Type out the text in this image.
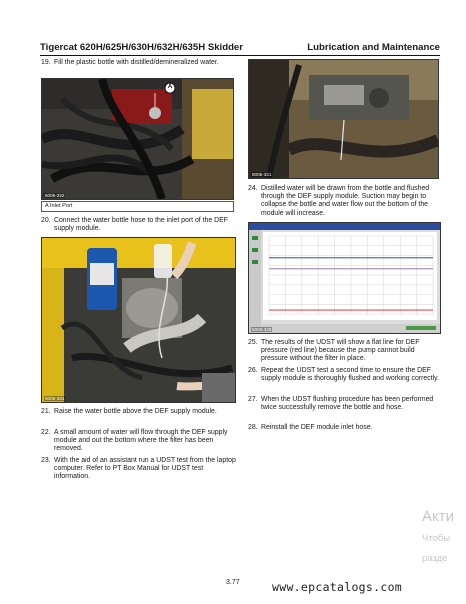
Tigercat 620H/625H/630H/632H/635H Skidder	Lubrication and Maintenance
19. Fill the plastic bottle with distilled/demineralized water.
A
6006-332
A Inlet Port
20. Connect the water bottle hose to the inlet port of the DEF supply module.
6006-334
21. Raise the water bottle above the DEF supply module.
22. A small amount of water will flow through the DEF supply module and out the bottom where the filter has been removed.
23. With the aid of an assistant run a UDST test from the laptop computer. Refer to PT Box Manual for UDST test information.
6006-331
24. Distilled water will be drawn from the bottle and flushed through the DEF supply module. Suction may begin to collapse the bottle and water flow out the bottom of the module will increase.
6006-328
25. The results of the UDST will show a flat line for DEF pressure (red line) because the pump cannot build pressure without the filter in place.
26. Repeat the UDST test a second time to ensure the DEF supply module is thoroughly flushed and working correctly.
27. When the UDST flushing procedure has been performed twice successfully remove the bottle and hose.
28. Reinstall the DEF module inlet hose.
3.77	www.epcatalogs.com
Акти
Чтобы
разде
